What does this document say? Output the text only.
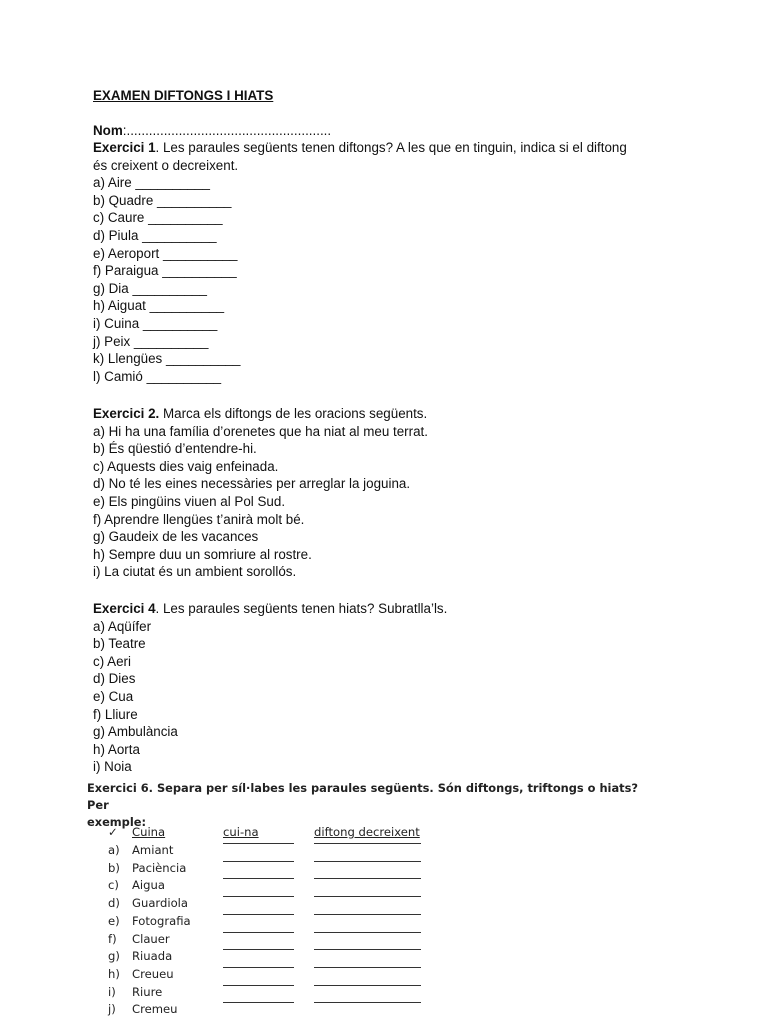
EXAMEN DIFTONGS I HIATS
Nom:.......................................................
Exercici 1. Les paraules següents tenen diftongs? A les que en tinguin, indica si el diftong
és creixent o decreixent.
a) Aire __________
b) Quadre __________
c) Caure __________
d) Piula __________
e) Aeroport __________
f) Paraigua __________
g) Dia __________
h) Aiguat __________
i) Cuina __________
j) Peix __________
k) Llengües __________
l) Camió __________
Exercici 2. Marca els diftongs de les oracions següents.
a) Hi ha una família d’orenetes que ha niat al meu terrat.
b) És qüestió d’entendre-hi.
c) Aquests dies vaig enfeinada.
d) No té les eines necessàries per arreglar la joguina.
e) Els pingüins viuen al Pol Sud.
f) Aprendre llengües t’anirà molt bé.
g) Gaudeix de les vacances
h) Sempre duu un somriure al rostre.
i) La ciutat és un ambient sorollós.
Exercici 4. Les paraules següents tenen hiats? Subratlla’ls.
a) Aqüífer
b) Teatre
c) Aeri
d) Dies
e) Cua
f) Lliure
g) Ambulància
h) Aorta
i) Noia
Exercici 6. Separa per síl·labes les paraules següents. Són diftongs, triftongs o hiats? Per
exemple:
✓ Cuina	cui-na	diftong decreixent
a) Amiant
b) Paciència
c) Aigua
d) Guardiola
e) Fotografia
f) Clauer
g) Riuada
h) Creueu
i) Riure
j) Cremeu
